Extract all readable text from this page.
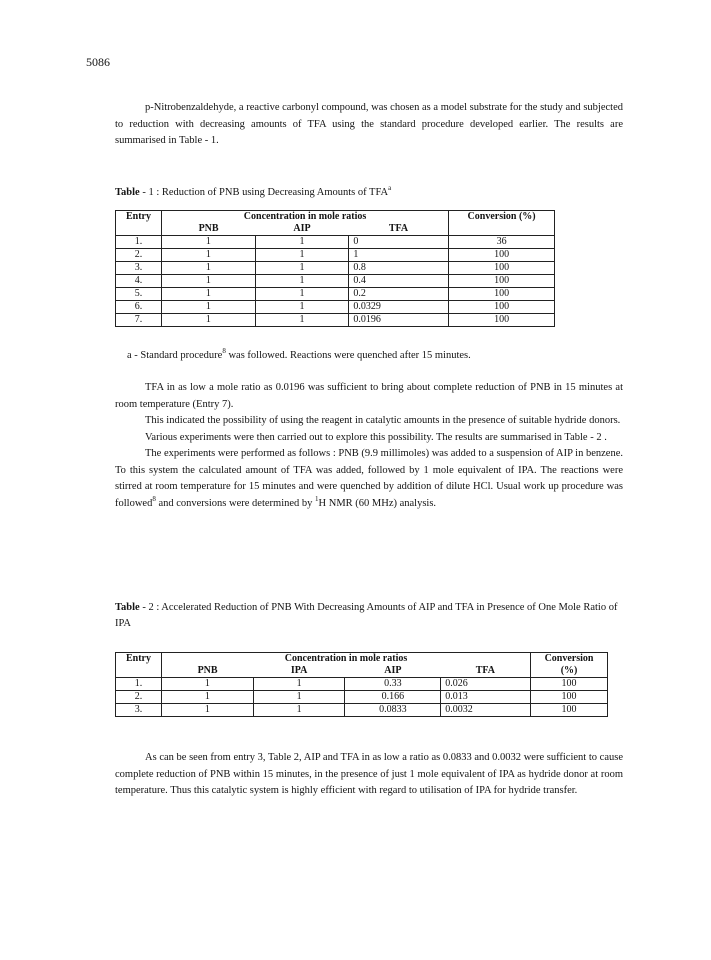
5086

p-Nitrobenzaldehyde, a reactive carbonyl compound, was chosen as a model substrate for the study and subjected to reduction with decreasing amounts of TFA using the standard procedure developed earlier. The results are summarised in Table - 1.

Table - 1 : Reduction of PNB using Decreasing Amounts of TFA$^a$
Entry	Concentration in mole ratios			Conversion (%)
	PNB	AIP	TFA	
1.	1	1	0	36
2.	1	1	1	100
3.	1	1	0.8	100
4.	1	1	0.4	100
5.	1	1	0.2	100
6.	1	1	0.0329	100
7.	1	1	0.0196	100
a - Standard procedure$^8$ was followed. Reactions were quenched after 15 minutes.

TFA in as low a mole ratio as 0.0196 was sufficient to bring about complete reduction of PNB in 15 minutes at room temperature (Entry 7).

This indicated the possibility of using the reagent in catalytic amounts in the presence of suitable hydride donors.

Various experiments were then carried out to explore this possibility. The results are summarised in Table - 2 .

The experiments were performed as follows : PNB (9.9 millimoles) was added to a suspension of AIP in benzene. To this system the calculated amount of TFA was added, followed by 1 mole equivalent of IPA. The reactions were stirred at room temperature for 15 minutes and were quenched by addition of dilute HCl. Usual work up procedure was followed$^8$ and conversions were determined by $^1$H NMR (60 MHz) analysis.

Table - 2 : Accelerated Reduction of PNB With Decreasing Amounts of AIP and TFA in Presence of One Mole Ratio of IPA
Entry	Concentration in mole ratios				Conversion
	PNB	IPA	AIP	TFA	(%)
1.	1	1	0.33	0.026	100
2.	1	1	0.166	0.013	100
3.	1	1	0.0833	0.0032	100

As can be seen from entry 3, Table 2, AIP and TFA in as low a ratio as 0.0833 and 0.0032 were sufficient to cause complete reduction of PNB within 15 minutes, in the presence of just 1 mole equivalent of IPA as hydride donor at room temperature. Thus this catalytic system is highly efficient with regard to utilisation of IPA for hydride transfer.
